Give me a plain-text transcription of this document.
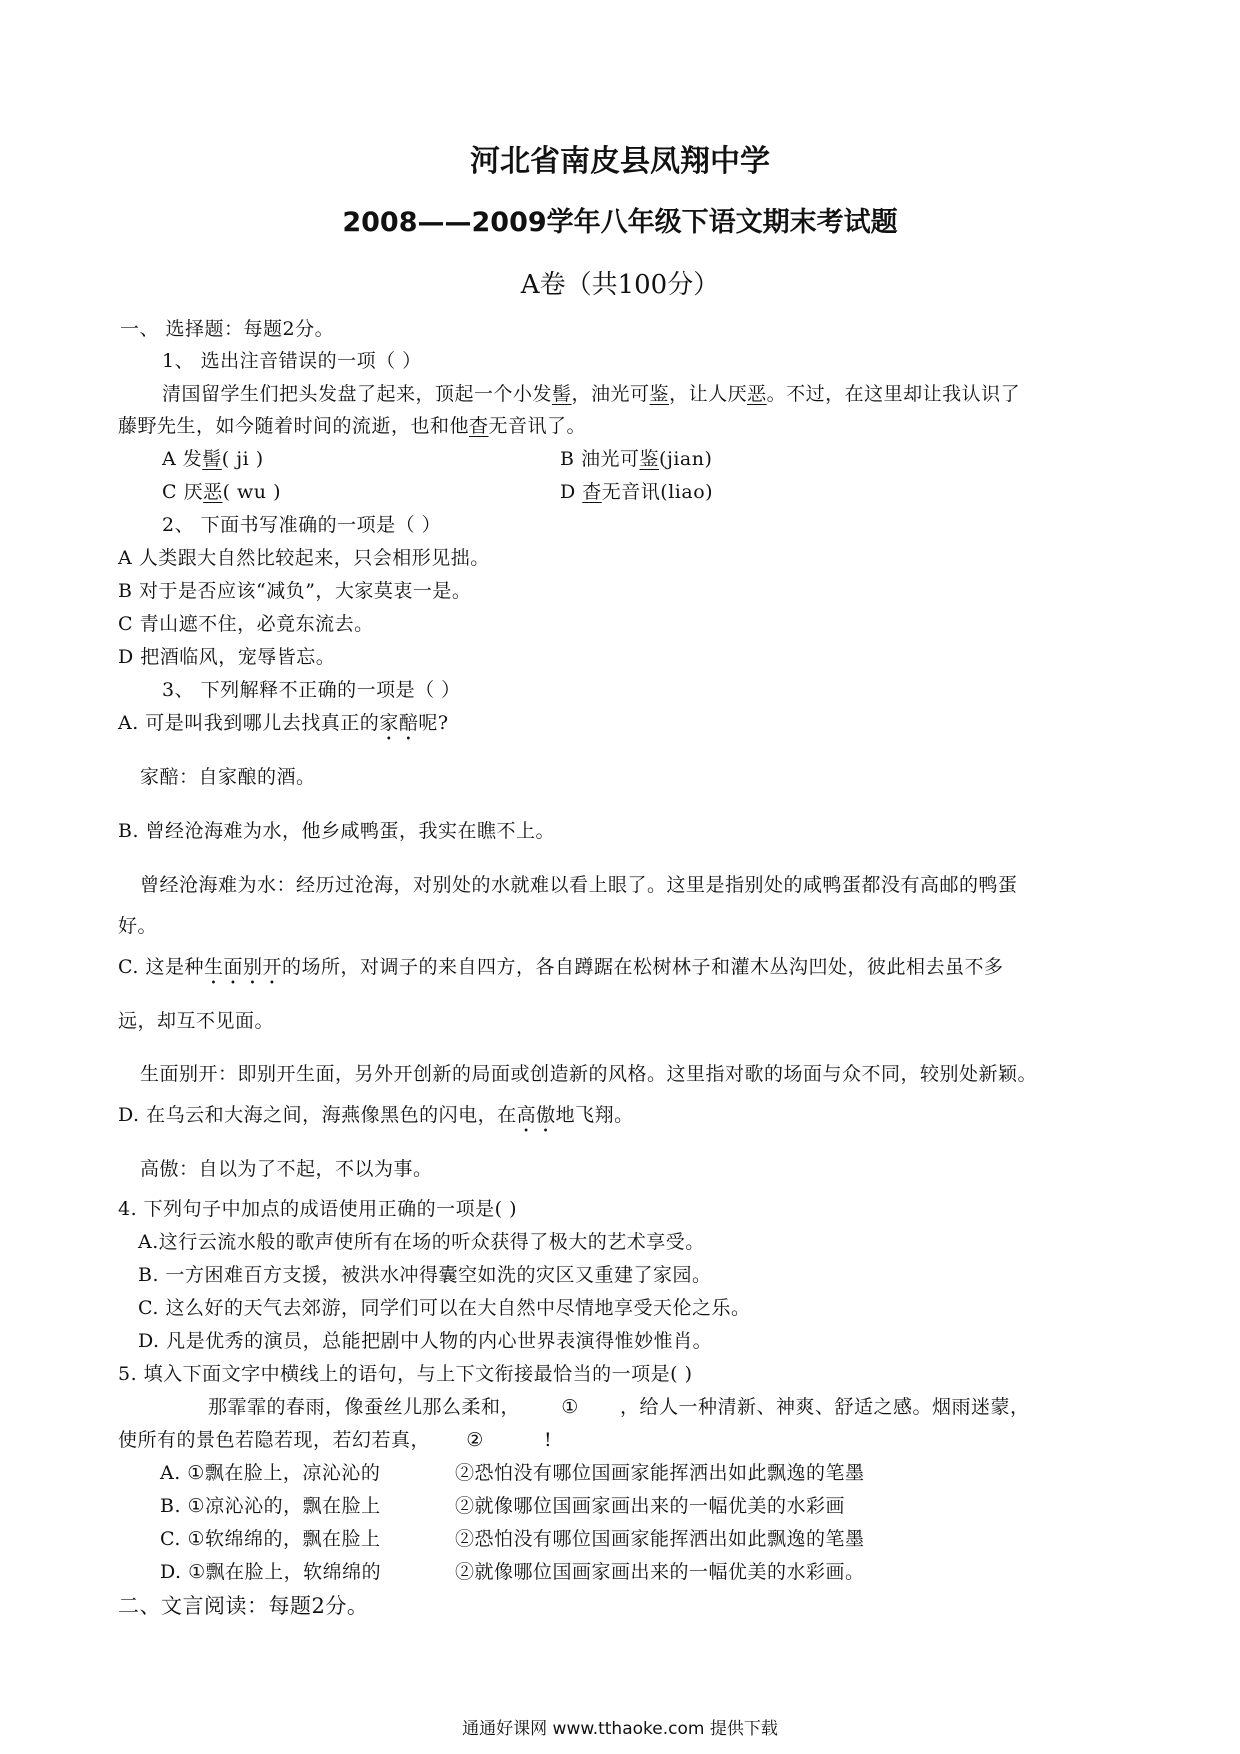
河北省南皮县凤翔中学
2008——2009学年八年级下语文期末考试题
A卷（共100分）
一、 选择题：每题2分。
1、 选出注音错误的一项（ ）
清国留学生们把头发盘了起来，顶起一个小发髻，油光可鉴，让人厌恶。不过，在这里却让我认识了
藤野先生，如今随着时间的流逝，也和他杳无音讯了。
A 发髻( ji )	B 油光可鉴(jian)
C 厌恶( wu )	D 杳无音讯(liao)
2、 下面书写准确的一项是（ ）
A 人类跟大自然比较起来，只会相形见拙。
B 对于是否应该“减负”，大家莫衷一是。
C 青山遮不住，必竟东流去。
D 把酒临风，宠辱皆忘。
3、 下列解释不正确的一项是（ ）
A. 可是叫我到哪儿去找真正的家醅呢?
家醅：自家酿的酒。
B. 曾经沧海难为水，他乡咸鸭蛋，我实在瞧不上。
曾经沧海难为水：经历过沧海，对别处的水就难以看上眼了。这里是指别处的咸鸭蛋都没有高邮的鸭蛋
好。
C. 这是种生面别开的场所，对调子的来自四方，各自蹲踞在松树林子和灌木丛沟凹处，彼此相去虽不多
远，却互不见面。
生面别开：即别开生面，另外开创新的局面或创造新的风格。这里指对歌的场面与众不同，较别处新颖。
D. 在乌云和大海之间，海燕像黑色的闪电，在高傲地飞翔。
高傲：自以为了不起，不以为事。
4. 下列句子中加点的成语使用正确的一项是( )
A.这行云流水般的歌声使所有在场的听众获得了极大的艺术享受。
B. 一方困难百方支援，被洪水冲得囊空如洗的灾区又重建了家园。
C. 这么好的天气去郊游，同学们可以在大自然中尽情地享受天伦之乐。
D. 凡是优秀的演员，总能把剧中人物的内心世界表演得惟妙惟肖。
5. 填入下面文字中横线上的语句，与上下文衔接最恰当的一项是( )
那霏霏的春雨，像蚕丝儿那么柔和， ① ，给人一种清新、神爽、舒适之感。烟雨迷蒙，
使所有的景色若隐若现，若幻若真， ②	!
A. ①飘在脸上，凉沁沁的	②恐怕没有哪位国画家能挥洒出如此飘逸的笔墨
B. ①凉沁沁的，飘在脸上	②就像哪位国画家画出来的一幅优美的水彩画
C. ①软绵绵的，飘在脸上	②恐怕没有哪位国画家能挥洒出如此飘逸的笔墨
D. ①飘在脸上，软绵绵的	②就像哪位国画家画出来的一幅优美的水彩画。
二、文言阅读：每题2分。
通通好课网 www.tthaoke.com 提供下载
